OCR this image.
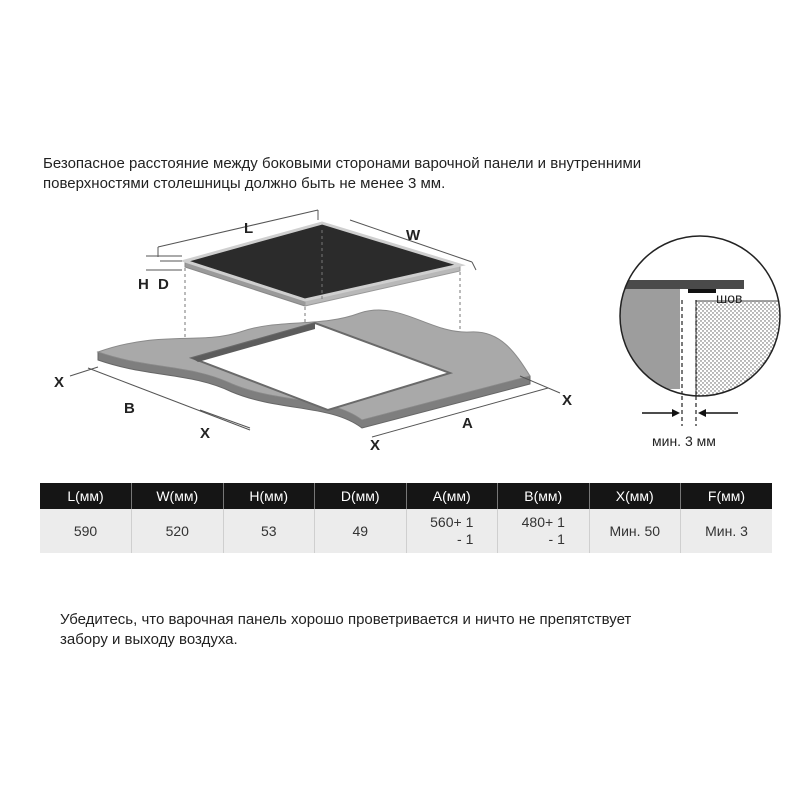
Безопасное расстояние между боковыми сторонами варочной панели и внутренними

поверхностями столешницы должно быть не менее 3 мм.

L	W
H D
X
B
X
X
A
X
шов
мин. 3 мм
L(мм)	W(мм)	H(мм)	D(мм)	A(мм)	B(мм)	X(мм)	F(мм)
590	520	53	49	560+ 1
- 1	480+ 1
- 1	Мин. 50	Мин. 3

Убедитесь, что варочная панель хорошо проветривается и ничто не препятствует

забору и выходу воздуха.
